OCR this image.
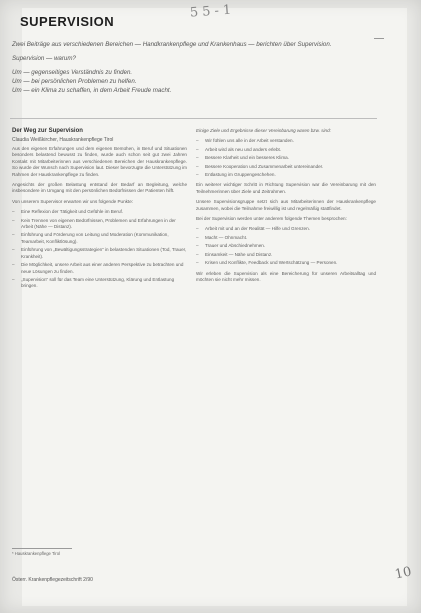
55-1
SUPERVISION

Zwei Beiträge aus verschiedenen Bereichen — Handkrankenpflege und Krankenhaus — berichten über Supervision.

Supervision — warum?

Um — gegenseitiges Verständnis zu finden.

Um — bei persönlichen Problemen zu helfen.

Um — ein Klima zu schaffen, in dem Arbeit Freude macht.

Der Weg zur Supervision
Claudia Weißkircher, Hauskrankenpflege Tirol

Aus den eigenen Erfahrungen und dem eigenen Bemühen, in Beruf und Situationen besonders belastend bewusst zu finden, wurde auch schon seit gut zwei Jahren Kontakt mit Mitarbeiterinnen aus verschiedenen Bereichen der Hauskrankenpflege. So wurde der Wunsch nach Supervision laut. Dieser bevorzugte die Unterstützung im Rahmen der Hauskrankenpflege zu finden.

Angesichts der großen Belastung entstand der Bedarf an Begleitung, welche insbesondere im Umgang mit den persönlichen Bedürfnissen der Patienten hilft.

Von unserem Supervisor erwarten wir uns folgende Punkte:

– Eine Reflexion der Tätigkeit und Gefühle im Beruf.
– Kein Trennen von eigenen Bedürfnissen, Problemen und Erfahrungen in der Arbeit (Nähe — Distanz).
– Einführung und Förderung von Leitung und Moderation (Kommunikation, Teamarbeit, Konfliktlösung).
– Einführung von „Bewältigungsstrategien“ in belastenden Situationen (Tod, Trauer, Krankheit).
– Die Möglichkeit, unsere Arbeit aus einer anderen Perspektive zu betrachten und neue Lösungen zu finden.
– „Supervision“ soll für das Team eine Unterstützung, Klärung und Entlastung bringen.

Einige Ziele und Ergebnisse dieser Vereinbarung waren bzw. sind:

– Wir fühlen uns alle in der Arbeit verstanden.
– Arbeit wird als neu und anders erlebt.
– Bessere Klarheit und ein besseres Klima.
– Bessere Kooperation und Zusammenarbeit untereinander.
– Entlastung im Gruppengeschehen.

Ein weiterer wichtiger Schritt in Richtung Supervision war die Vereinbarung mit den Teilnehmerinnen über Ziele und Zeitrahmen.

Unsere Supervisionsgruppe setzt sich aus Mitarbeiterinnen der Hauskrankenpflege zusammen, wobei die Teilnahme freiwillig ist und regelmäßig stattfindet.

Bei der Supervision werden unter anderem folgende Themen besprochen:

– Arbeit mit und an der Realität — Hilfe und Grenzen.
– Macht — Ohnmacht.
– Trauer und Abschiednehmen.
– Einsamkeit — Nähe und Distanz.
– Krisen und Konflikte, Feedback und Wertschätzung — Personen.

Wir erleben die Supervision als eine Bereicherung für unseren Arbeitsalltag und möchten sie nicht mehr missen.

* Hauskrankenpflege Tirol
Österr. Krankenpflegezeitschrift 2/90	10
